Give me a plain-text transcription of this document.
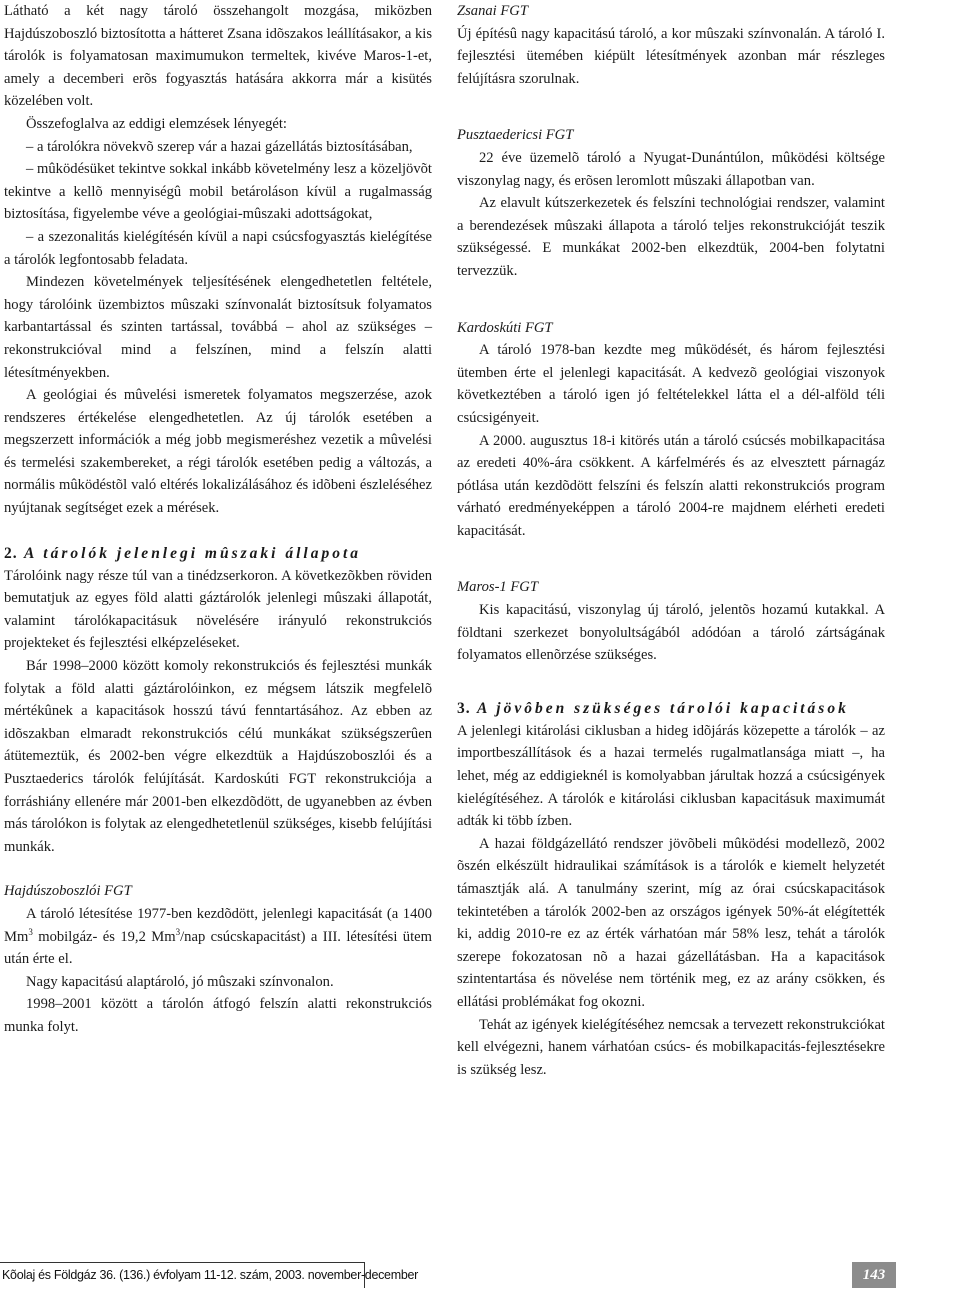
Látható a két nagy tároló összehangolt mozgása, miközben Hajdúszoboszló biztosította a hátteret Zsana idõszakos leállításakor, a kis tárolók is folyamatosan maximumukon termeltek, kivéve Maros-1-et, amely a decemberi erõs fogyasztás hatására akkorra már a kisütés közelében volt.

Összefoglalva az eddigi elemzések lényegét:

– a tárolókra növekvõ szerep vár a hazai gázellátás biztosításában,

– mûködésüket tekintve sokkal inkább követelmény lesz a közeljövõt tekintve a kellõ mennyiségû mobil betároláson kívül a rugalmasság biztosítása, figyelembe véve a geológiai-mûszaki adottságokat,

– a szezonalitás kielégítésén kívül a napi csúcsfogyasztás kielégítése a tárolók legfontosabb feladata.

Mindezen követelmények teljesítésének elengedhetetlen feltétele, hogy tárolóink üzembiztos mûszaki színvonalát biztosítsuk folyamatos karbantartással és szinten tartással, továbbá – ahol az szükséges – rekonstrukcióval mind a felszínen, mind a felszín alatti létesítményekben.

A geológiai és mûvelési ismeretek folyamatos megszerzése, azok rendszeres értékelése elengedhetetlen. Az új tárolók esetében a megszerzett információk a még jobb megismeréshez vezetik a mûvelési és termelési szakembereket, a régi tárolók esetében pedig a változás, a normális mûködéstõl való eltérés lokalizálásához és idõbeni észleléséhez nyújtanak segítséget ezek a mérések.

2. A tárolók jelenlegi mûszaki állapota

Tárolóink nagy része túl van a tinédzserkoron. A következõkben röviden bemutatjuk az egyes föld alatti gáztárolók jelenlegi mûszaki állapotát, valamint tárolókapacitásuk növelésére irányuló rekonstrukciós projekteket és fejlesztési elképzeléseket.

Bár 1998–2000 között komoly rekonstrukciós és fejlesztési munkák folytak a föld alatti gáztárolóinkon, ez mégsem látszik megfelelõ mértékûnek a kapacitások hosszú távú fenntartásához. Az ebben az idõszakban elmaradt rekonstrukciós célú munkákat szükségszerûen átütemeztük, és 2002-ben végre elkezdtük a Hajdúszoboszlói és a Pusztaederics tárolók felújítását. Kardoskúti FGT rekonstrukciója a forráshiány ellenére már 2001-ben elkezdõdött, de ugyanebben az évben más tárolókon is folytak az elengedhetetlenül szükséges, kisebb felújítási munkák.

Hajdúszoboszlói FGT

A tároló létesítése 1977-ben kezdõdött, jelenlegi kapacitását (a 1400 Mm$^3$ mobilgáz- és 19,2 Mm$^3$/nap csúcskapacitást) a III. létesítési ütem után érte el.

Nagy kapacitású alaptároló, jó mûszaki színvonalon.

1998–2001 között a tárolón átfogó felszín alatti rekonstrukciós munka folyt.

Zsanai FGT

Új építésû nagy kapacitású tároló, a kor mûszaki színvonalán. A tároló I. fejlesztési ütemében kiépült létesítmények azonban már részleges felújításra szorulnak.

Pusztaedericsi FGT

22 éve üzemelõ tároló a Nyugat-Dunántúlon, mûködési költsége viszonylag nagy, és erõsen leromlott mûszaki állapotban van.

Az elavult kútszerkezetek és felszíni technológiai rendszer, valamint a berendezések mûszaki állapota a tároló teljes rekonstrukcióját teszik szükségessé. E munkákat 2002-ben elkezdtük, 2004-ben folytatni tervezzük.

Kardoskúti FGT

A tároló 1978-ban kezdte meg mûködését, és három fejlesztési ütemben érte el jelenlegi kapacitását. A kedvezõ geológiai viszonyok következtében a tároló igen jó feltételekkel látta el a dél-alföld téli csúcsigényeit.

A 2000. augusztus 18-i kitörés után a tároló csúcsés mobilkapacitása az eredeti 40%-ára csökkent. A kárfelmérés és az elvesztett párnagáz pótlása után kezdõdött felszíni és felszín alatti rekonstrukciós program várható eredményeképpen a tároló 2004-re majdnem elérheti eredeti kapacitását.

Maros-1 FGT

Kis kapacitású, viszonylag új tároló, jelentõs hozamú kutakkal. A földtani szerkezet bonyolultságából adódóan a tároló zártságának folyamatos ellenõrzése szükséges.

3. A jövôben szükséges tárolói kapacitások

A jelenlegi kitárolási ciklusban a hideg idõjárás közepette a tárolók – az importbeszállítások és a hazai termelés rugalmatlansága miatt –, ha lehet, még az eddigieknél is komolyabban járultak hozzá a csúcsigények kielégítéséhez. A tárolók e kitárolási ciklusban kapacitásuk maximumát adták ki több ízben.

A hazai földgázellátó rendszer jövõbeli mûködési modellezõ, 2002 õszén elkészült hidraulikai számítások is a tárolók e kiemelt helyzetét támasztják alá. A tanulmány szerint, míg az órai csúcskapacitások tekintetében a tárolók 2002-ben az országos igények 50%-át elégítették ki, addig 2010-re ez az érték várhatóan már 58% lesz, tehát a tárolók szerepe fokozatosan nõ a hazai gázellátásban. Ha a kapacitások szintentartása és növelése nem történik meg, ez az arány csökken, és ellátási problémákat fog okozni.

Tehát az igények kielégítéséhez nemcsak a tervezett rekonstrukciókat kell elvégezni, hanem várhatóan csúcs- és mobilkapacitás-fejlesztésekre is szükség lesz.

Kõolaj és Földgáz 36. (136.) évfolyam 11-12. szám, 2003. november-december	143
